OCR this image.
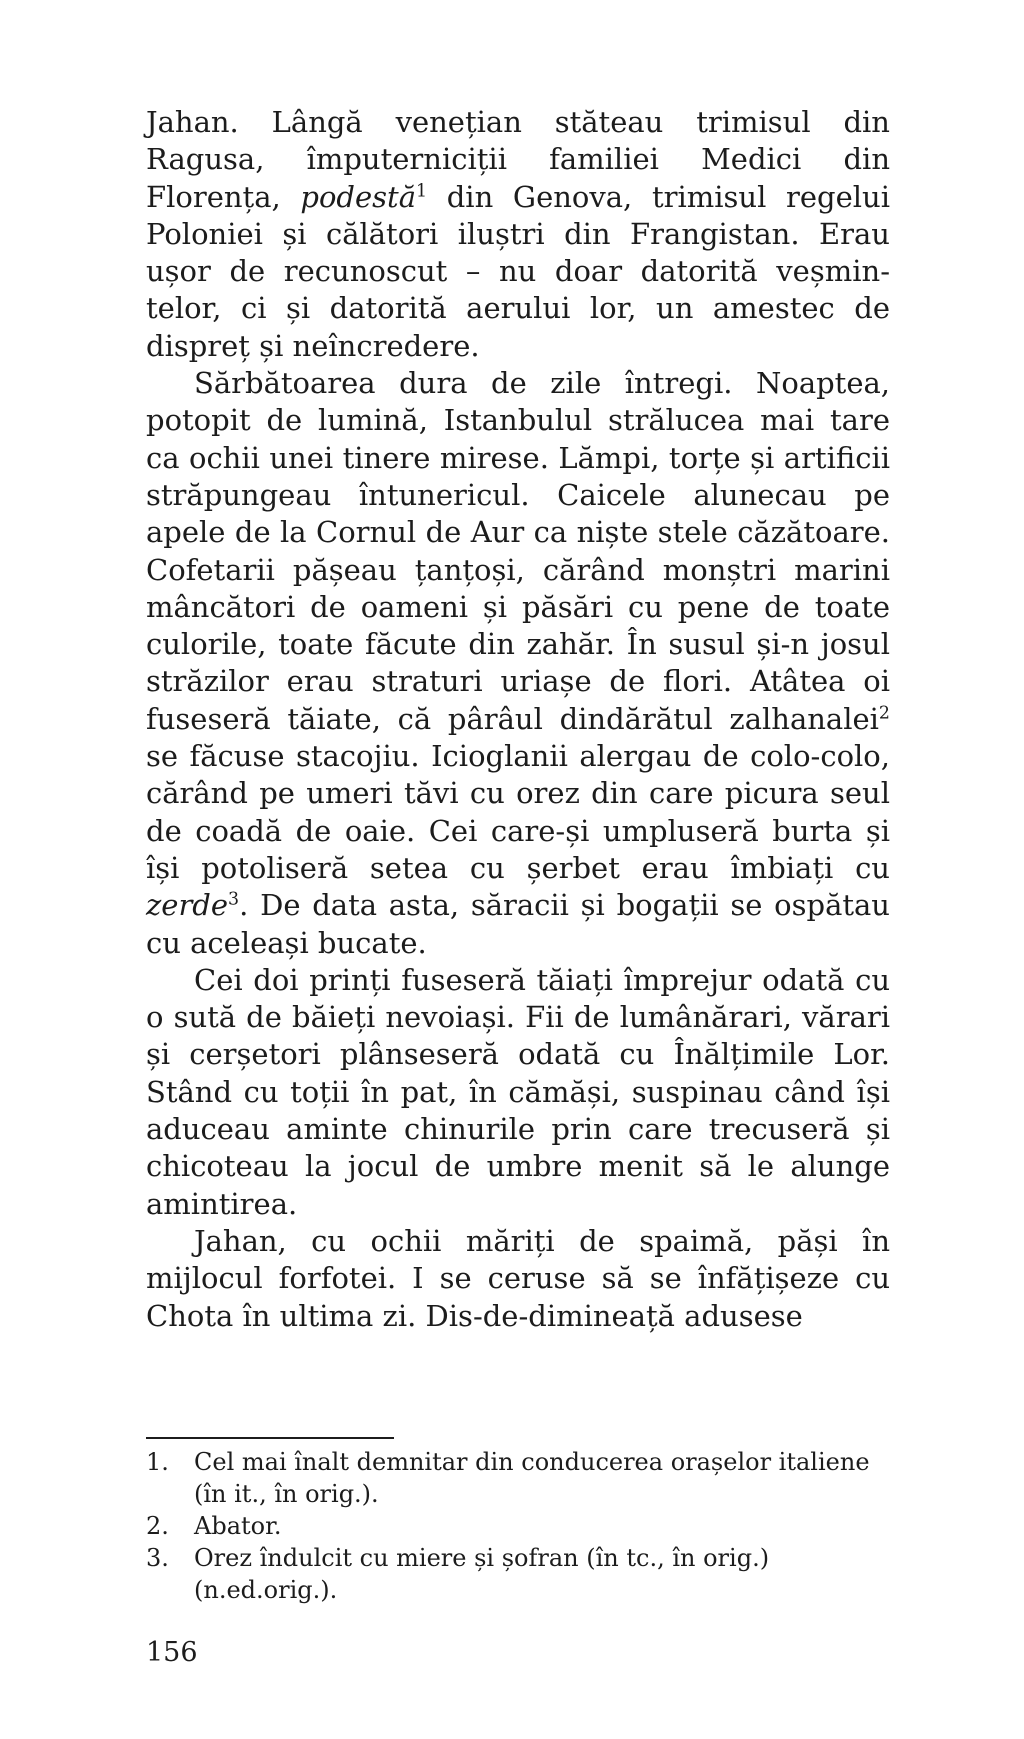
Jahan. Lângă venețian stăteau trimisul din Ragusa, împuterniciții familiei Medici din Florența, podestă$^1$ din Genova, trimisul regelui Poloniei și călători iluștri din Frangistan. Erau ușor de recunoscut – nu doar datorită veșmintelor, ci și datorită aerului lor, un amestec de dispreț și neîncredere.

Sărbătoarea dura de zile întregi. Noaptea, potopit de lumină, Istanbulul strălucea mai tare ca ochii unei tinere mirese. Lămpi, torțe și artificii străpungeau întunericul. Caicele alunecau pe apele de la Cornul de Aur ca niște stele căzătoare. Cofetarii pășeau țanțoși, cărând monștri marini mâncători de oameni și păsări cu pene de toate culorile, toate făcute din zahăr. În susul și-n josul străzilor erau straturi uriașe de flori. Atâtea oi fuseseră tăiate, că pârâul dindărătul zalhanalei$^2$ se făcuse stacojiu. Icioglanii alergau de colo-colo, cărând pe umeri tăvi cu orez din care picura seul de coadă de oaie. Cei care-și umpluseră burta și își potoliseră setea cu șerbet erau îmbiați cu zerde$^3$. De data asta, săracii și bogații se ospătau cu aceleași bucate.

Cei doi prinți fuseseră tăiați împrejur odată cu o sută de băieți nevoiași. Fii de lumânărari, vărari și cerșetori plânseseră odată cu Înălțimile Lor. Stând cu toții în pat, în cămăși, suspinau când își aduceau aminte chinurile prin care trecuseră și chicoteau la jocul de umbre menit să le alunge amintirea.

Jahan, cu ochii măriți de spaimă, păși în mijlocul forfotei. I se ceruse să se înfățișeze cu Chota în ultima zi. Dis-de-dimineață adusese

1.	Cel mai înalt demnitar din conducerea orașelor italiene (în it., în orig.).
2.	Abator.
3.	Orez îndulcit cu miere și șofran (în tc., în orig.) (n.ed.orig.).
156
